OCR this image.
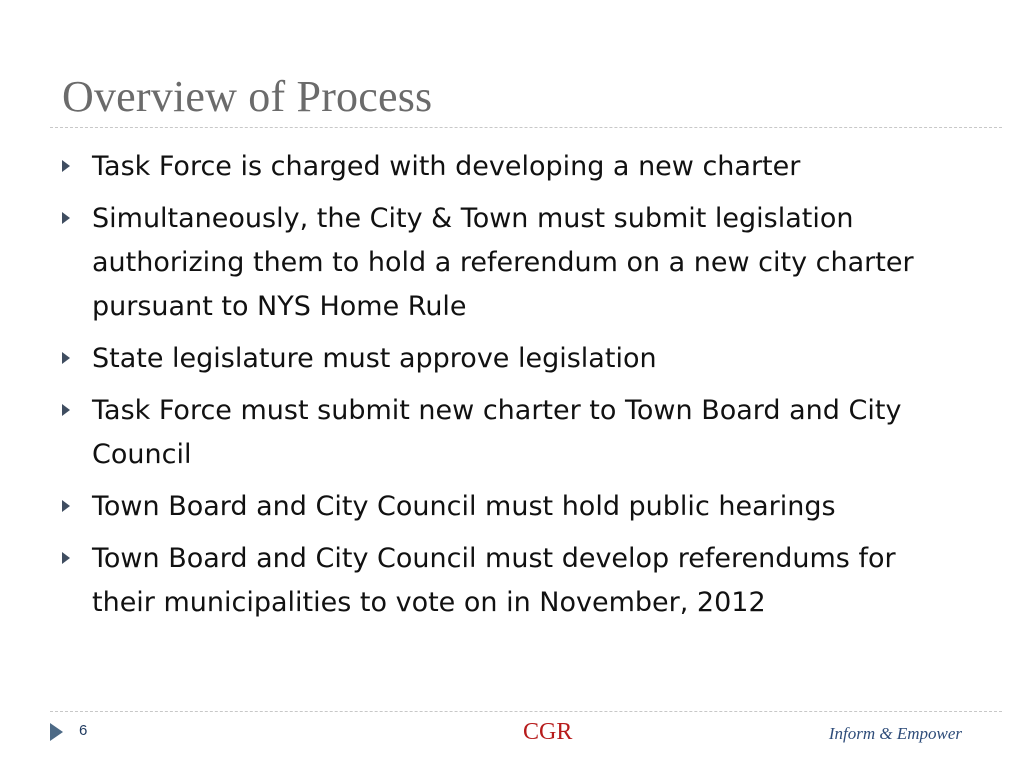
Overview of Process
Task Force is charged with developing a new charter
Simultaneously, the City & Town must submit legislation authorizing them to hold a referendum on a new city charter pursuant to NYS Home Rule
State legislature must approve legislation
Task Force must submit new charter to Town Board and City Council
Town Board and City Council must hold public hearings
Town Board and City Council must develop referendums for their municipalities to vote on in November, 2012
6	CGR	Inform & Empower
